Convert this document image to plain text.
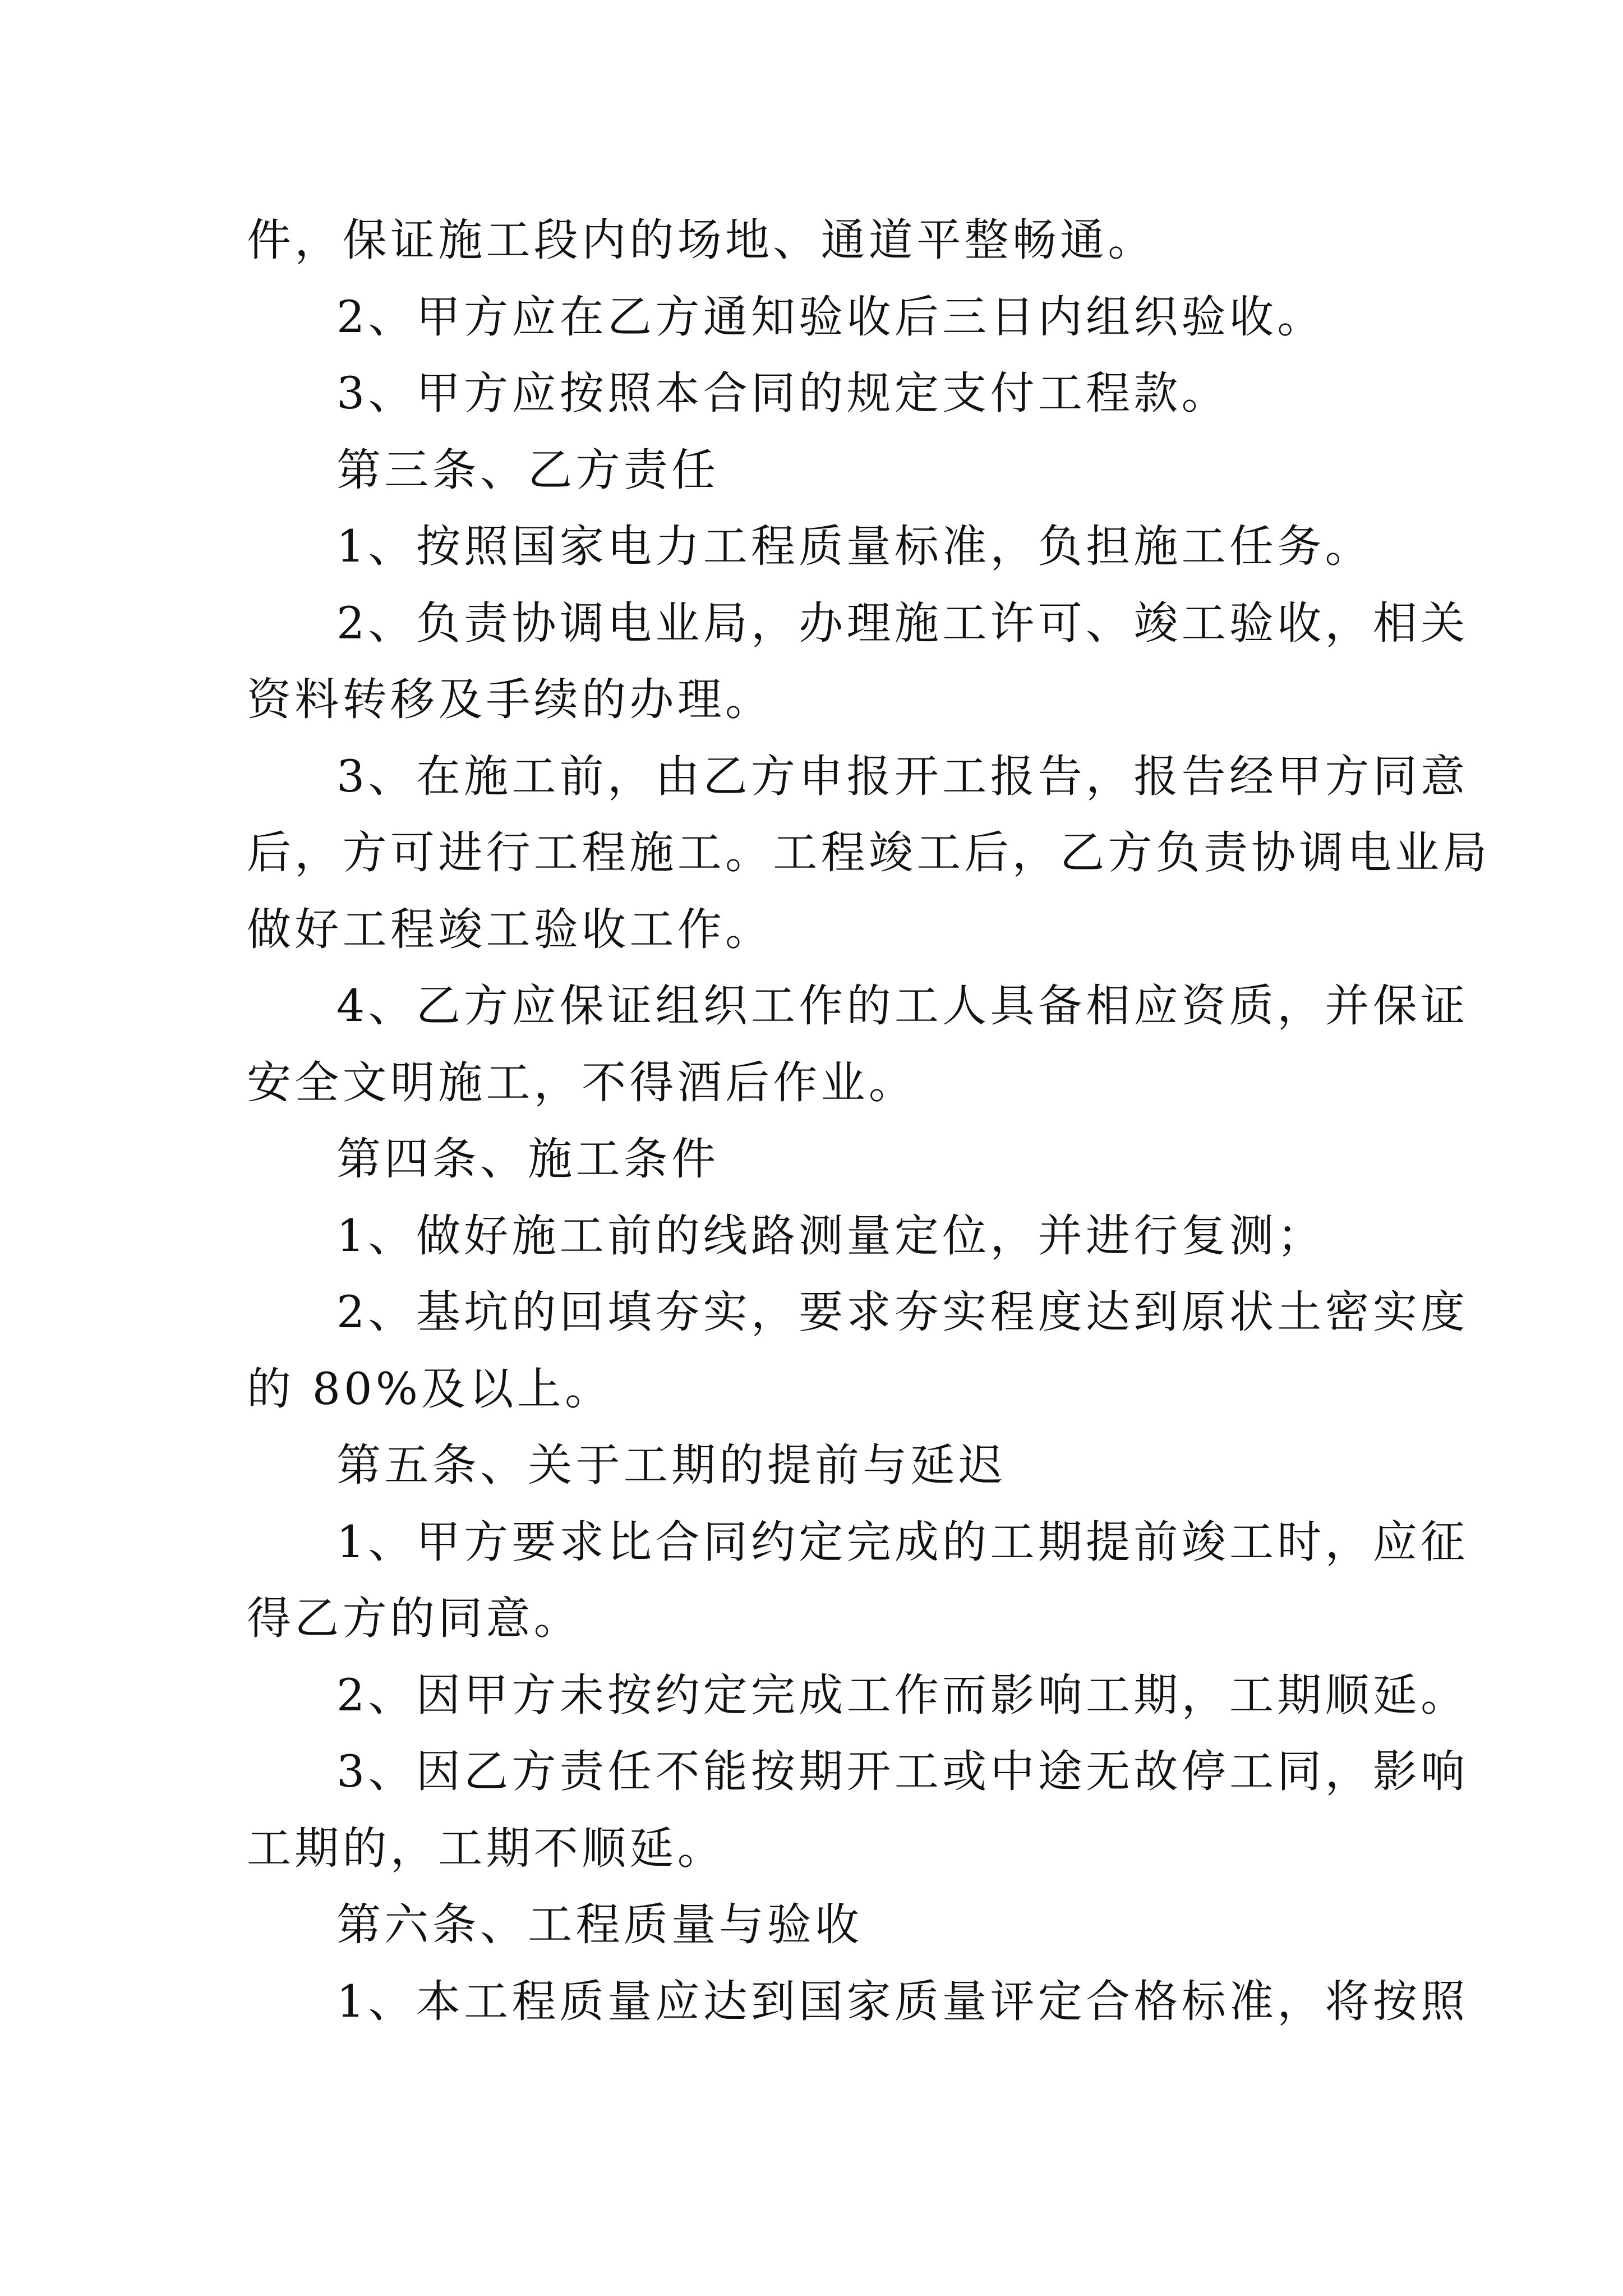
件，保证施工段内的场地、通道平整畅通。

2、甲方应在乙方通知验收后三日内组织验收。

3、甲方应按照本合同的规定支付工程款。

第三条、乙方责任

1、按照国家电力工程质量标准，负担施工任务。

2、负责协调电业局，办理施工许可、竣工验收，相关

资料转移及手续的办理。

3、在施工前，由乙方申报开工报告，报告经甲方同意

后，方可进行工程施工。工程竣工后，乙方负责协调电业局

做好工程竣工验收工作。

4、乙方应保证组织工作的工人具备相应资质，并保证

安全文明施工，不得酒后作业。

第四条、施工条件

1、做好施工前的线路测量定位，并进行复测；

2、基坑的回填夯实，要求夯实程度达到原状土密实度

的 80%及以上。

第五条、关于工期的提前与延迟

1、甲方要求比合同约定完成的工期提前竣工时，应征

得乙方的同意。

2、因甲方未按约定完成工作而影响工期，工期顺延。

3、因乙方责任不能按期开工或中途无故停工同，影响

工期的，工期不顺延。

第六条、工程质量与验收

1、本工程质量应达到国家质量评定合格标准，将按照
